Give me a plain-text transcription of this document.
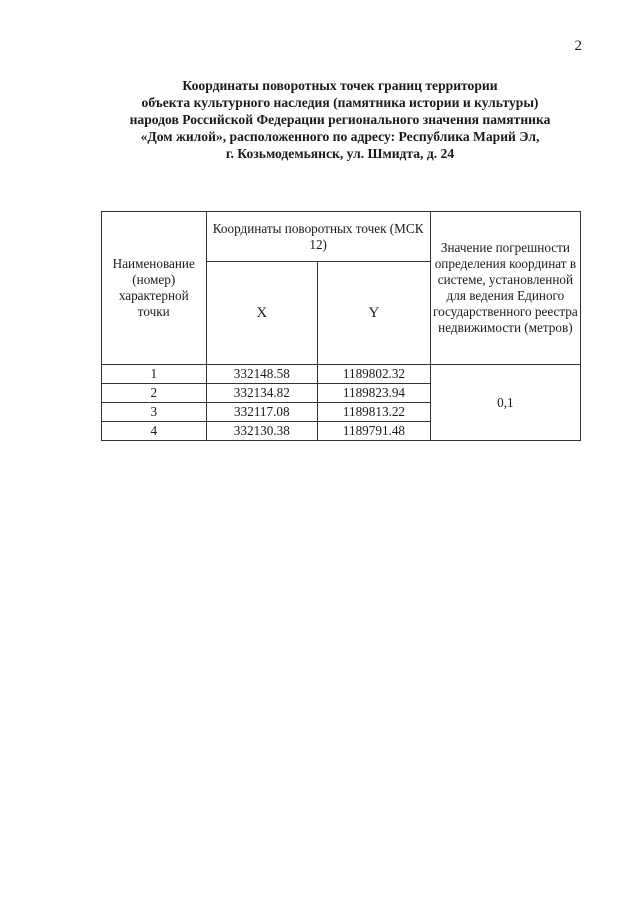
2
Координаты поворотных точек границ территории
объекта культурного наследия (памятника истории и культуры)
народов Российской Федерации регионального значения памятника
«Дом жилой», расположенного по адресу: Республика Марий Эл,
г. Козьмодемьянск, ул. Шмидта, д. 24
Наименование (номер) характерной точки	Координаты поворотных точек (МСК 12)		Значение погрешности определения координат в системе, установленной для ведения Единого государственного реестра недвижимости (метров)
	X	Y	
1	332148.58	1189802.32	0,1
2	332134.82	1189823.94	
3	332117.08	1189813.22	
4	332130.38	1189791.48	
